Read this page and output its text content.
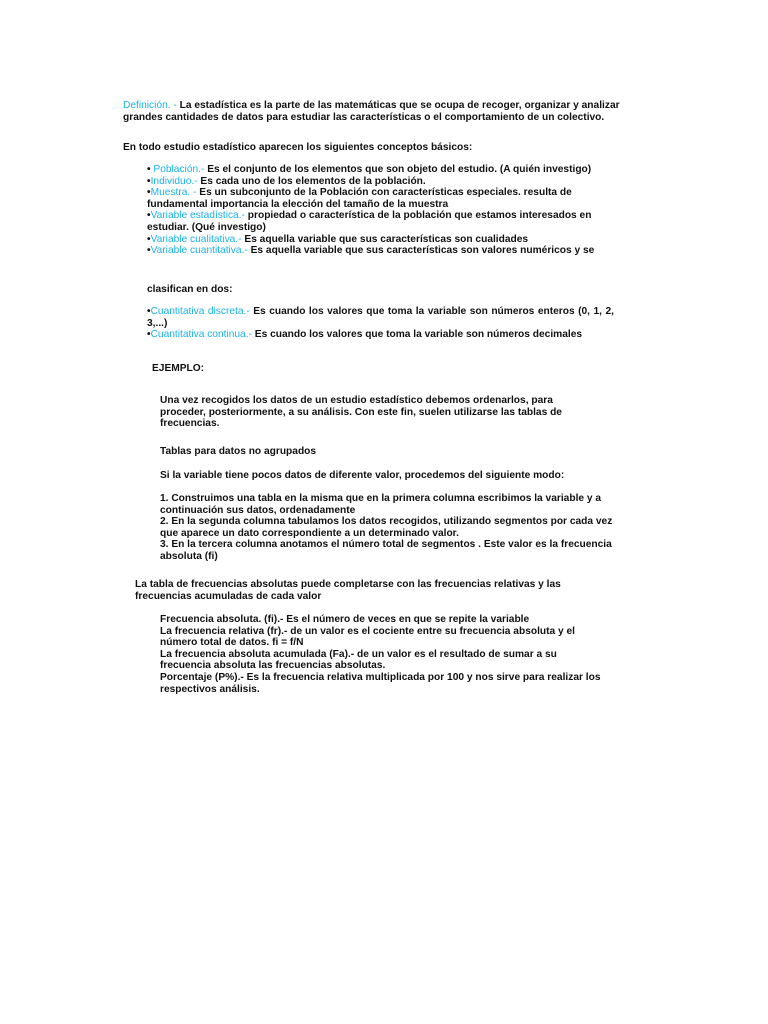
Definición. - La estadística es la parte de las matemáticas que se ocupa de recoger, organizar y analizar grandes cantidades de datos para estudiar las características o el comportamiento de un colectivo.
En todo estudio estadístico aparecen los siguientes conceptos básicos:

• Población.- Es el conjunto de los elementos que son objeto del estudio. (A quién investigo)

•Individuo.- Es cada uno de los elementos de la población.

•Muestra. - Es un subconjunto de la Población con características especiales. resulta de fundamental importancia la elección del tamaño de la muestra

•Variable estadística.- propiedad o característica de la población que estamos interesados en estudiar. (Qué investigo)

•Variable cualitativa.- Es aquella variable que sus características son cualidades

•Variable cuantitativa.- Es aquella variable que sus características son valores numéricos y se

clasifican en dos:

•Cuantitativa discreta.- Es cuando los valores que toma la variable son números enteros (0, 1, 2, 3,...)

•Cuantitativa continua.- Es cuando los valores que toma la variable son números decimales

EJEMPLO:
Una vez recogidos los datos de un estudio estadístico debemos ordenarlos, para proceder, posteriormente, a su análisis. Con este fin, suelen utilizarse las tablas de frecuencias.
Tablas para datos no agrupados
Si la variable tiene pocos datos de diferente valor, procedemos del siguiente modo:

1. Construimos una tabla en la misma que en la primera columna escribimos la variable y a continuación sus datos, ordenadamente

2. En la segunda columna tabulamos los datos recogidos, utilizando segmentos por cada vez que aparece un dato correspondiente a un determinado valor.

3. En la tercera columna anotamos el número total de segmentos . Este valor es la frecuencia absoluta (fi)

La tabla de frecuencias absolutas puede completarse con las frecuencias relativas y las frecuencias acumuladas de cada valor

Frecuencia absoluta. (fi).- Es el número de veces en que se repite la variable

La frecuencia relativa (fr).- de un valor es el cociente entre su frecuencia absoluta y el número total de datos. fi = f/N

La frecuencia absoluta acumulada (Fa).- de un valor es el resultado de sumar a su frecuencia absoluta las frecuencias absolutas.

Porcentaje (P%).- Es la frecuencia relativa multiplicada por 100 y nos sirve para realizar los respectivos análisis.
